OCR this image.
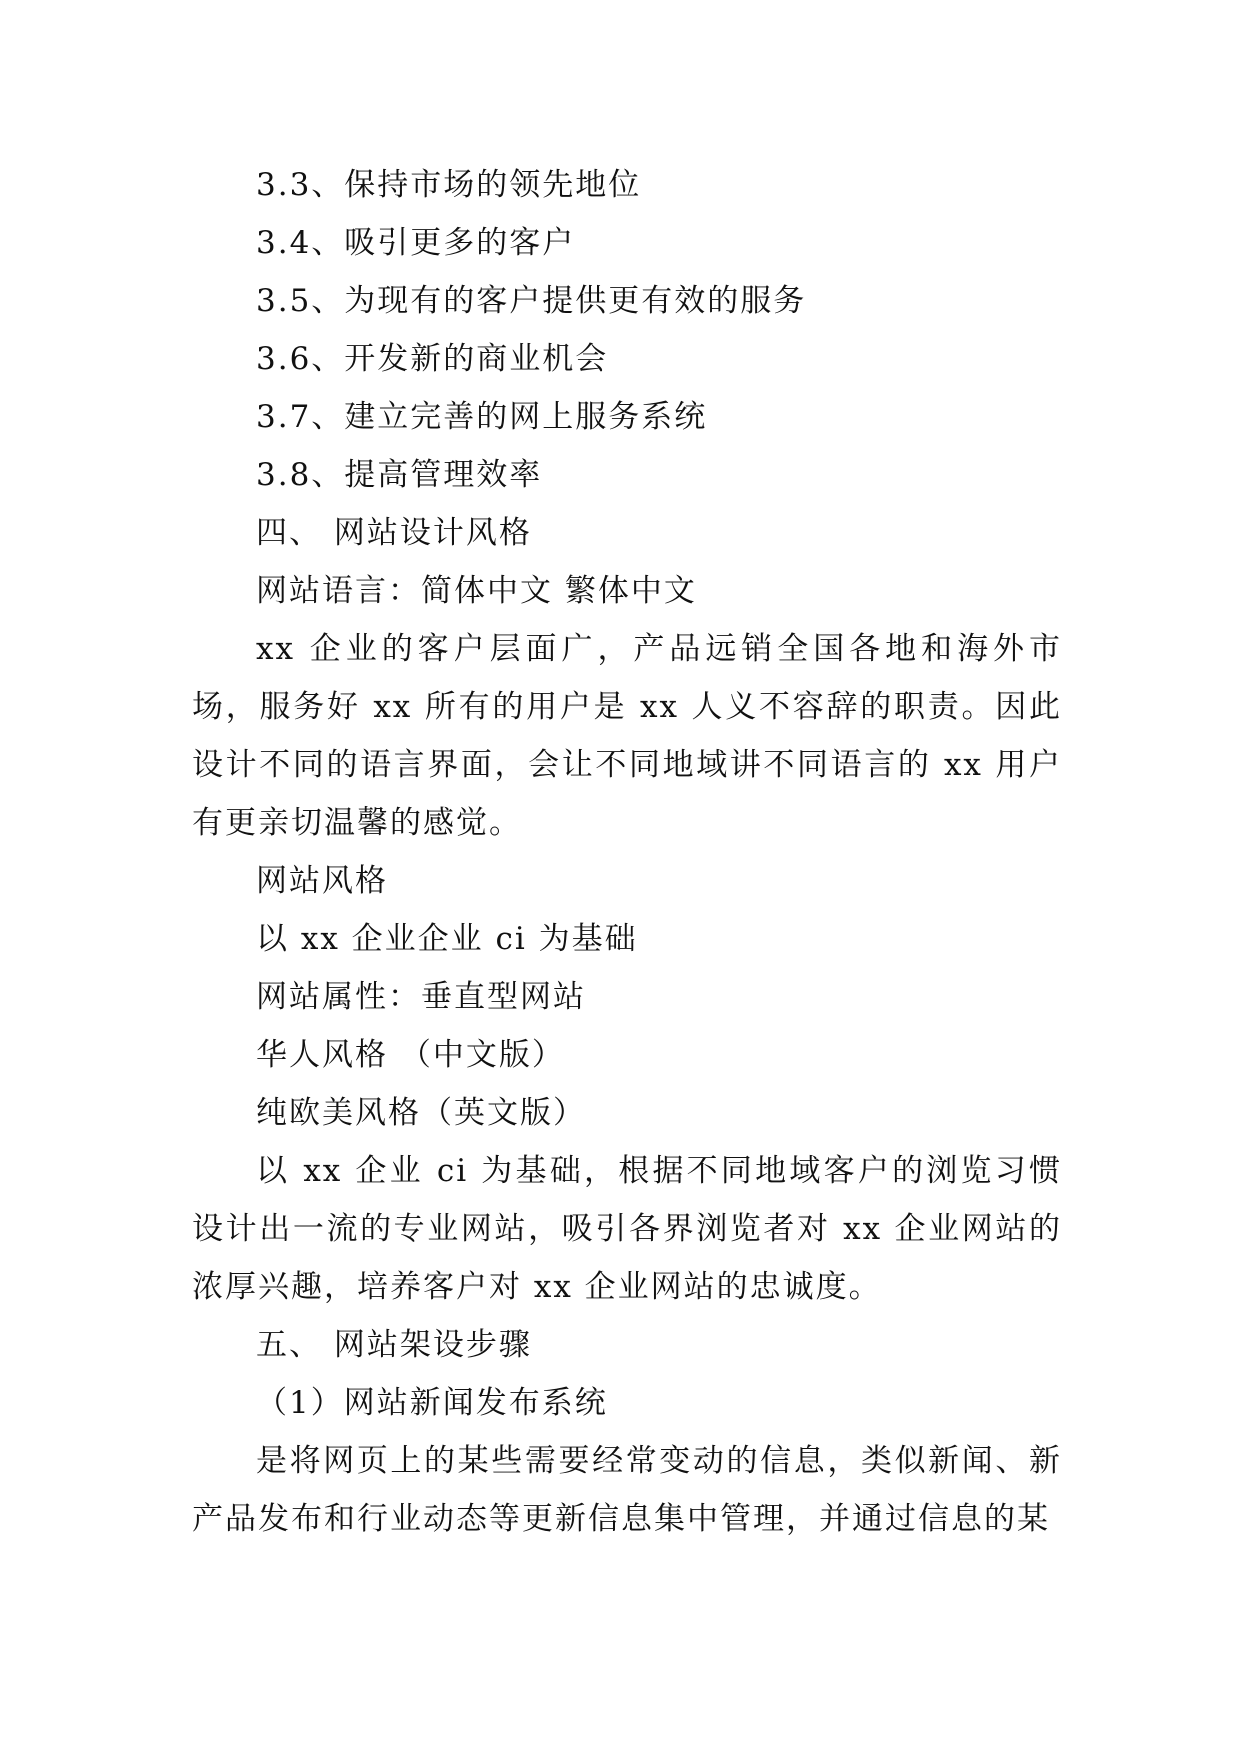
3.3、保持市场的领先地位
3.4、吸引更多的客户
3.5、为现有的客户提供更有效的服务
3.6、开发新的商业机会
3.7、建立完善的网上服务系统
3.8、提高管理效率
四、 网站设计风格
网站语言：简体中文 繁体中文

xx 企业的客户层面广，产品远销全国各地和海外市场，服务好 xx 所有的用户是 xx 人义不容辞的职责。因此设计不同的语言界面，会让不同地域讲不同语言的 xx 用户有更亲切温馨的感觉。

网站风格
以 xx 企业企业 ci 为基础
网站属性：垂直型网站
华人风格 （中文版）
纯欧美风格（英文版）

以 xx 企业 ci 为基础，根据不同地域客户的浏览习惯设计出一流的专业网站，吸引各界浏览者对 xx 企业网站的浓厚兴趣，培养客户对 xx 企业网站的忠诚度。

五、 网站架设步骤
（1）网站新闻发布系统

是将网页上的某些需要经常变动的信息，类似新闻、新产品发布和行业动态等更新信息集中管理，并通过信息的某
